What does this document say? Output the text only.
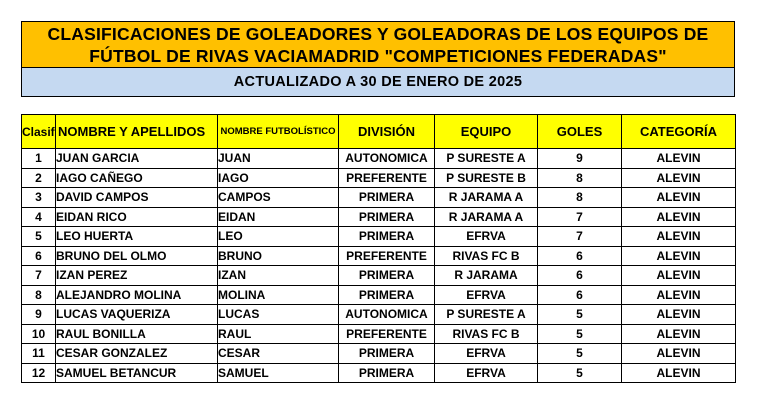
CLASIFICACIONES DE GOLEADORES Y GOLEADORAS DE LOS EQUIPOS DE
FÚTBOL DE RIVAS VACIAMADRID "COMPETICIONES FEDERADAS"
ACTUALIZADO A 30 DE ENERO DE 2025
Clasif	NOMBRE Y APELLIDOS	NOMBRE FUTBOLÍSTICO	DIVISIÓN	EQUIPO	GOLES	CATEGORÍA
1	JUAN GARCIA	JUAN	AUTONOMICA	P SURESTE A	9	ALEVIN
2	IAGO CAÑEGO	IAGO	PREFERENTE	P SURESTE B	8	ALEVIN
3	DAVID CAMPOS	CAMPOS	PRIMERA	R JARAMA A	8	ALEVIN
4	EIDAN RICO	EIDAN	PRIMERA	R JARAMA A	7	ALEVIN
5	LEO HUERTA	LEO	PRIMERA	EFRVA	7	ALEVIN
6	BRUNO DEL OLMO	BRUNO	PREFERENTE	RIVAS FC B	6	ALEVIN
7	IZAN PEREZ	IZAN	PRIMERA	R JARAMA	6	ALEVIN
8	ALEJANDRO MOLINA	MOLINA	PRIMERA	EFRVA	6	ALEVIN
9	LUCAS VAQUERIZA	LUCAS	AUTONOMICA	P SURESTE A	5	ALEVIN
10	RAUL BONILLA	RAUL	PREFERENTE	RIVAS FC B	5	ALEVIN
11	CESAR GONZALEZ	CESAR	PRIMERA	EFRVA	5	ALEVIN
12	SAMUEL BETANCUR	SAMUEL	PRIMERA	EFRVA	5	ALEVIN
